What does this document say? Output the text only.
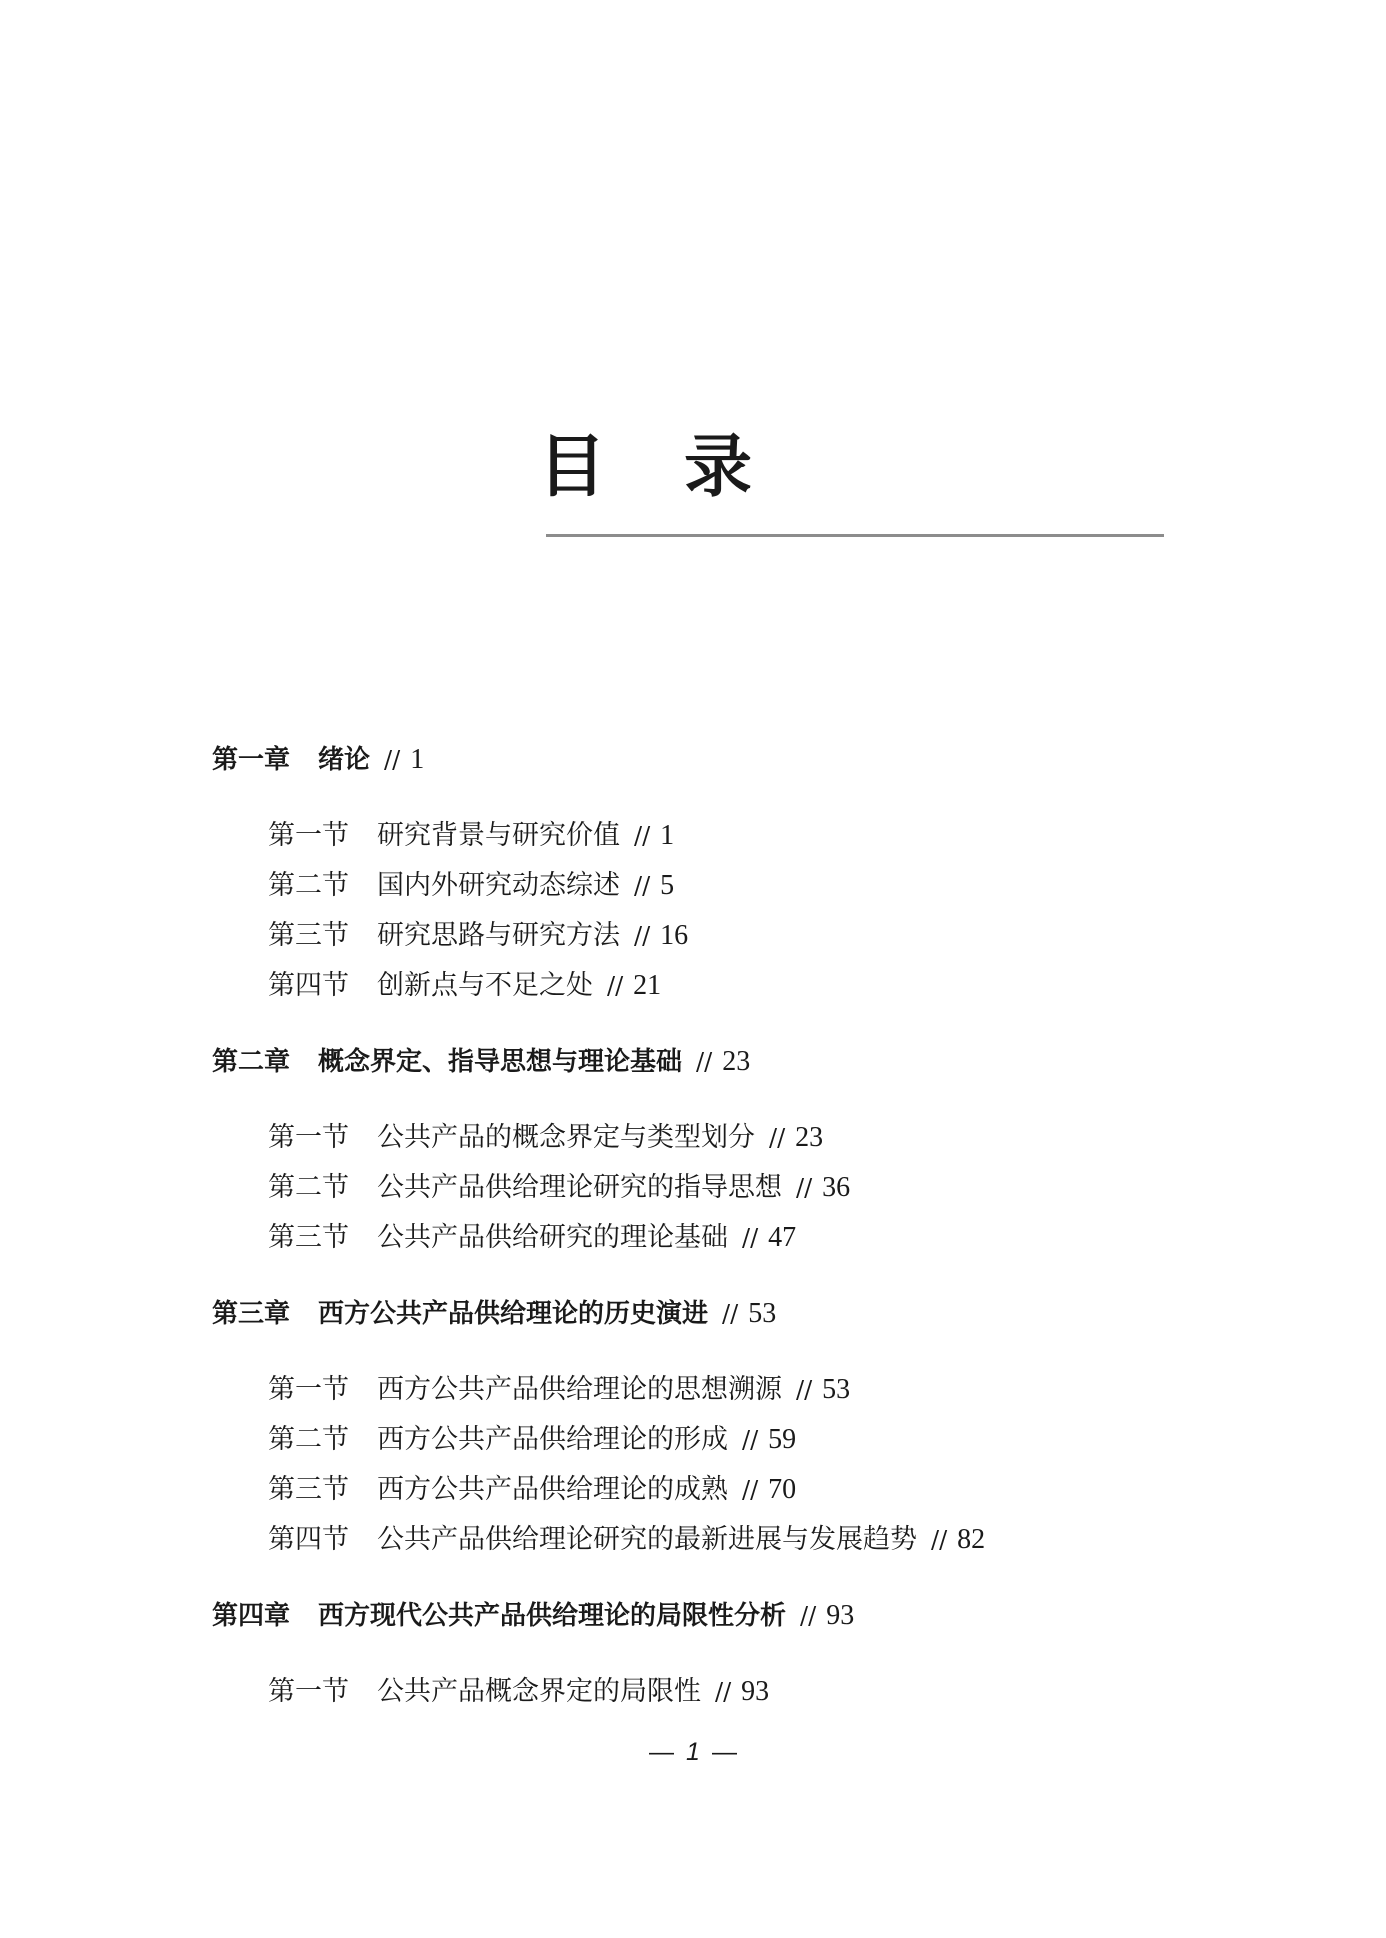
目录
第一章 绪论 // 1
第一节 研究背景与研究价值 // 1
第二节 国内外研究动态综述 // 5
第三节 研究思路与研究方法 // 16
第四节 创新点与不足之处 // 21
第二章 概念界定、指导思想与理论基础 // 23
第一节 公共产品的概念界定与类型划分 // 23
第二节 公共产品供给理论研究的指导思想 // 36
第三节 公共产品供给研究的理论基础 // 47
第三章 西方公共产品供给理论的历史演进 // 53
第一节 西方公共产品供给理论的思想溯源 // 53
第二节 西方公共产品供给理论的形成 // 59
第三节 西方公共产品供给理论的成熟 // 70
第四节 公共产品供给理论研究的最新进展与发展趋势 // 82
第四章 西方现代公共产品供给理论的局限性分析 // 93
第一节 公共产品概念界定的局限性 // 93
— 1 —
